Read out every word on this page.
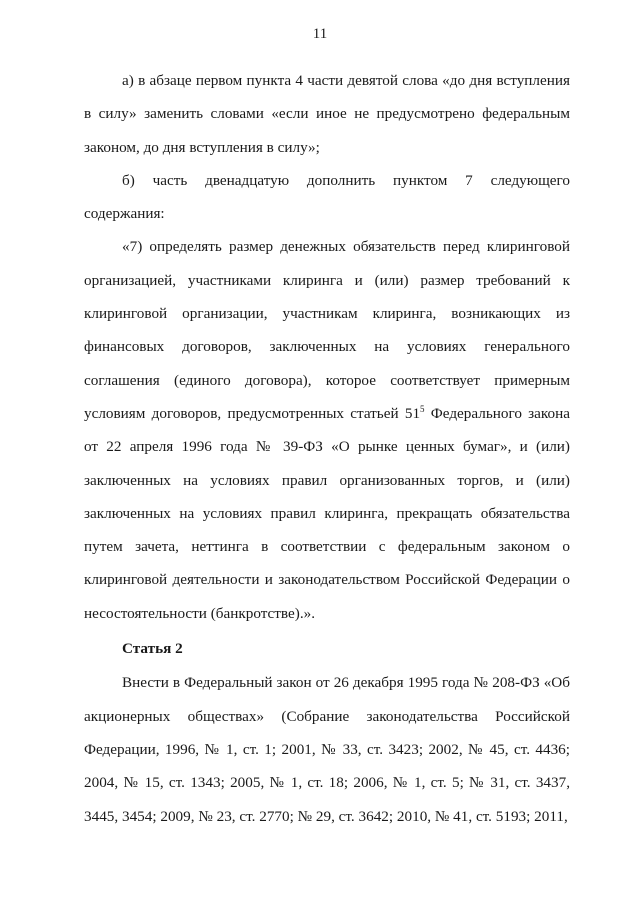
11

а) в абзаце первом пункта 4 части девятой слова «до дня вступления в силу» заменить словами «если иное не предусмотрено федеральным законом, до дня вступления в силу»;

б) часть двенадцатую дополнить пунктом 7 следующего содержания:

«7) определять размер денежных обязательств перед клиринговой организацией, участниками клиринга и (или) размер требований к клиринговой организации, участникам клиринга, возникающих из финансовых договоров, заключенных на условиях генерального соглашения (единого договора), которое соответствует примерным условиям договоров, предусмотренных статьей $51^5$ Федерального закона от 22 апреля 1996 года № 39-ФЗ «О рынке ценных бумаг», и (или) заключенных на условиях правил организованных торгов, и (или) заключенных на условиях правил клиринга, прекращать обязательства путем зачета, неттинга в соответствии с федеральным законом о клиринговой деятельности и законодательством Российской Федерации о несостоятельности (банкротстве).».

Статья 2

Внести в Федеральный закон от 26 декабря 1995 года № 208-ФЗ «Об акционерных обществах» (Собрание законодательства Российской Федерации, 1996, № 1, ст. 1; 2001, № 33, ст. 3423; 2002, № 45, ст. 4436; 2004, № 15, ст. 1343; 2005, № 1, ст. 18; 2006, № 1, ст. 5; № 31, ст. 3437, 3445, 3454; 2009, № 23, ст. 2770; № 29, ст. 3642; 2010, № 41, ст. 5193; 2011,
